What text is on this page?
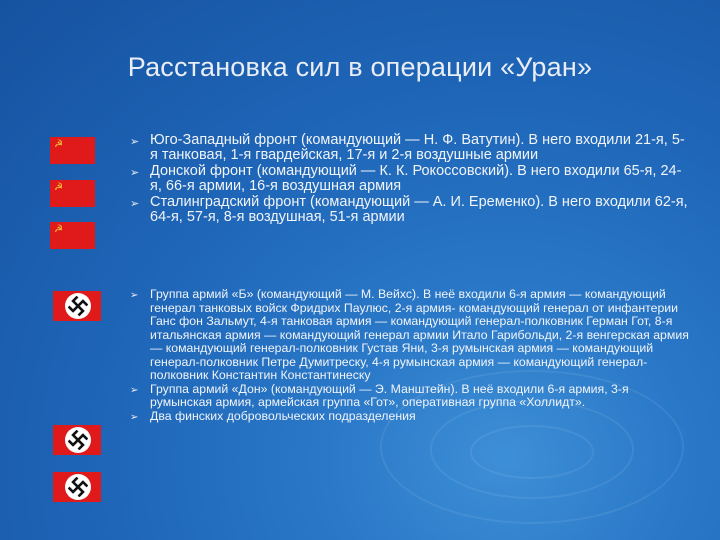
Расстановка сил в операции «Уран»
☭
☭
☭
➢ Юго-Западный фронт (командующий — Н. Ф. Ватутин). В него входили 21-я, 5-я танковая, 1-я гвардейская, 17-я и 2-я воздушные армии
➢ Донской фронт (командующий — К. К. Рокоссовский). В него входили 65-я, 24-я, 66-я армии, 16-я воздушная армия
➢ Сталинградский фронт (командующий — А. И. Еременко). В него входили 62-я, 64-я, 57-я, 8-я воздушная, 51-я армии
➢ Группа армий «Б» (командующий — М. Вейхс). В неё входили 6-я армия — командующий генерал танковых войск Фридрих Паулюс, 2-я армия- командующий генерал от инфантерии Ганс фон Зальмут, 4-я танковая армия — командующий генерал-полковник Герман Гот, 8-я итальянская армия — командующий генерал армии Итало Гарибольди, 2-я венгерская армия — командующий генерал-полковник Густав Яни, 3-я румынская армия — командующий генерал-полковник Петре Думитреску, 4-я румынская армия — командующий генерал-полковник Константин Константинеску
➢ Группа армий «Дон» (командующий — Э. Манштейн). В неё входили 6-я армия, 3-я румынская армия, армейская группа «Гот», оперативная группа «Холлидт».
➢ Два финских добровольческих подразделения
